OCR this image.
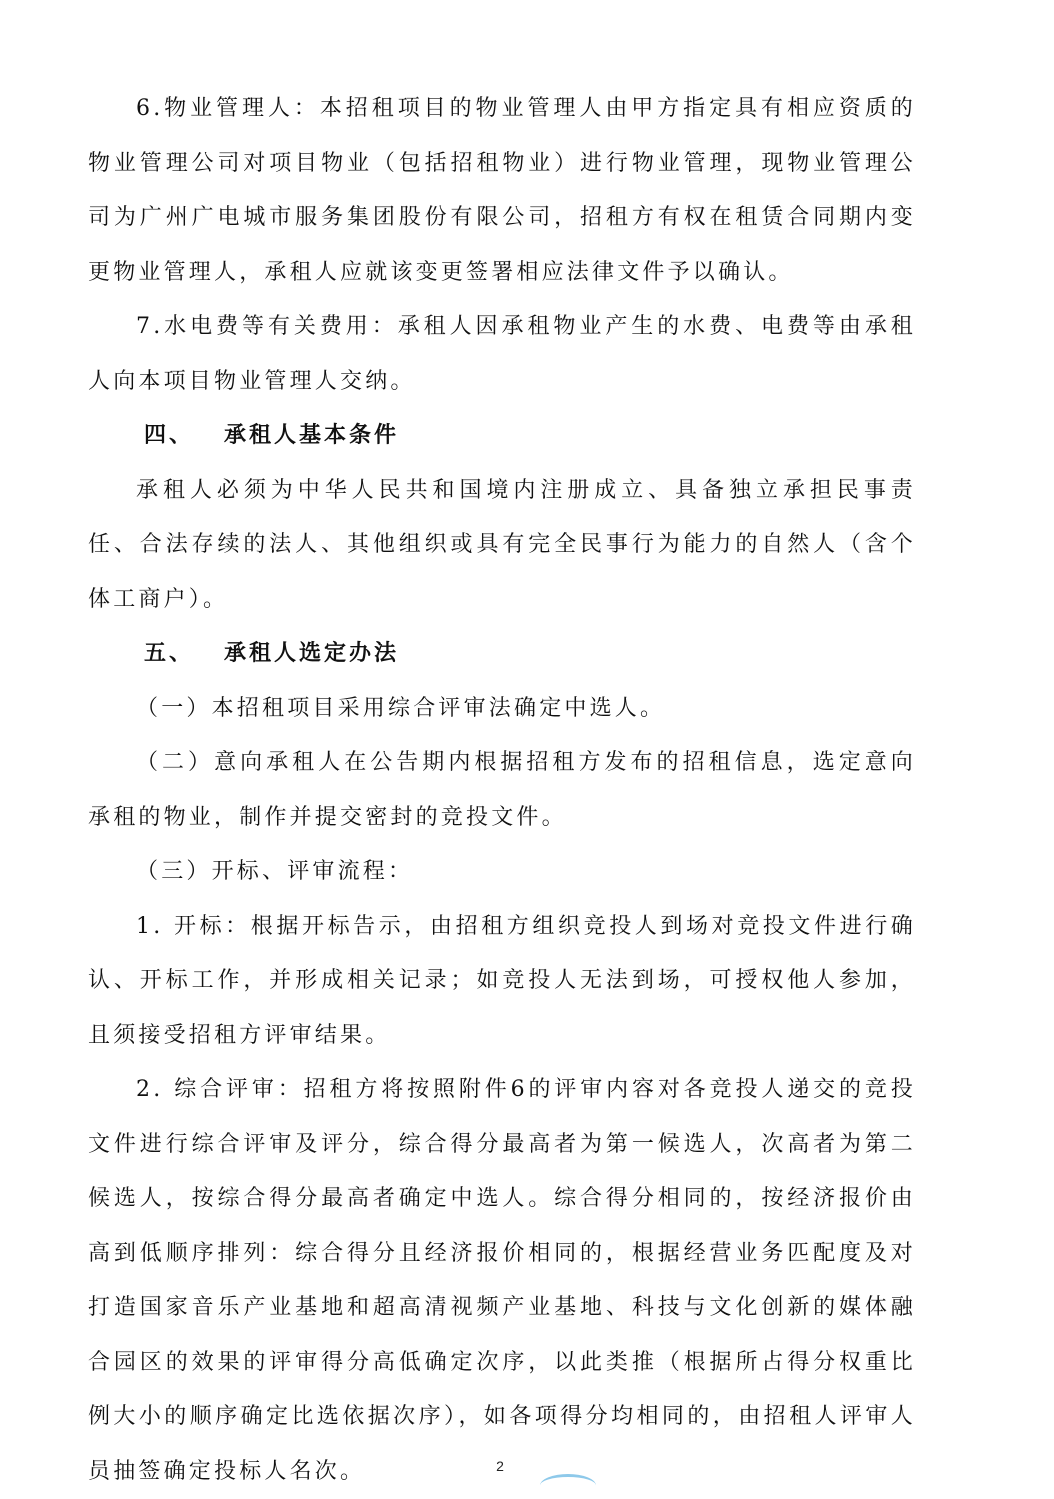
6.物业管理人：本招租项目的物业管理人由甲方指定具有相应资质的物业管理公司对项目物业（包括招租物业）进行物业管理，现物业管理公司为广州广电城市服务集团股份有限公司，招租方有权在租赁合同期内变更物业管理人，承租人应就该变更签署相应法律文件予以确认。

7.水电费等有关费用：承租人因承租物业产生的水费、电费等由承租人向本项目物业管理人交纳。

四、 承租人基本条件

承租人必须为中华人民共和国境内注册成立、具备独立承担民事责任、合法存续的法人、其他组织或具有完全民事行为能力的自然人（含个体工商户）。

五、 承租人选定办法

（一）本招租项目采用综合评审法确定中选人。

（二）意向承租人在公告期内根据招租方发布的招租信息，选定意向承租的物业，制作并提交密封的竞投文件。

（三）开标、评审流程：

1. 开标：根据开标告示，由招租方组织竞投人到场对竞投文件进行确认、开标工作，并形成相关记录；如竞投人无法到场，可授权他人参加，且须接受招租方评审结果。

2. 综合评审：招租方将按照附件6的评审内容对各竞投人递交的竞投文件进行综合评审及评分，综合得分最高者为第一候选人，次高者为第二候选人，按综合得分最高者确定中选人。综合得分相同的，按经济报价由高到低顺序排列：综合得分且经济报价相同的，根据经营业务匹配度及对打造国家音乐产业基地和超高清视频产业基地、科技与文化创新的媒体融合园区的效果的评审得分高低确定次序，以此类推（根据所占得分权重比例大小的顺序确定比选依据次序），如各项得分均相同的，由招租人评审人员抽签确定投标人名次。	2
